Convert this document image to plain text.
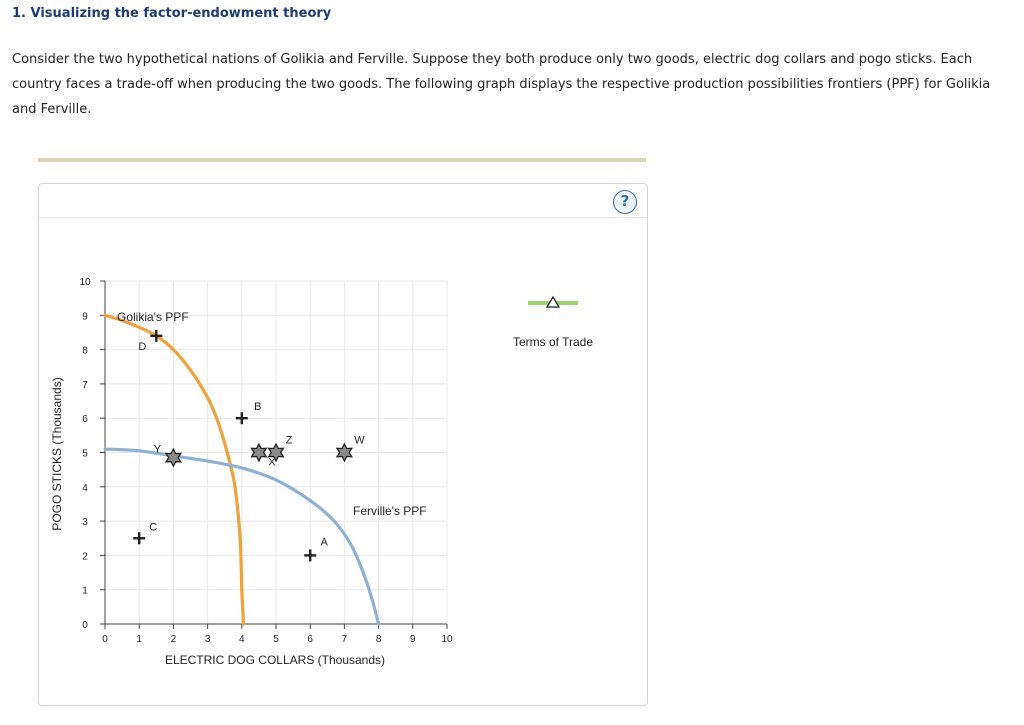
1. Visualizing the factor-endowment theory
Consider the two hypothetical nations of Golikia and Ferville. Suppose they both produce only two goods, electric dog collars and pogo sticks. Each country faces a trade-off when producing the two goods. The following graph displays the respective production possibilities frontiers (PPF) for Golikia and Ferville.
?
0	1	2	3	4	5	6	7	8	9	10
0
1
2
3
4
5
6
7
8
9
10
D
B
C
A
Y
Z
X
W
Golikia's PPF
Ferville's PPF
ELECTRIC DOG COLLARS (Thousands)
POGO STICKS (Thousands)
Terms of Trade
